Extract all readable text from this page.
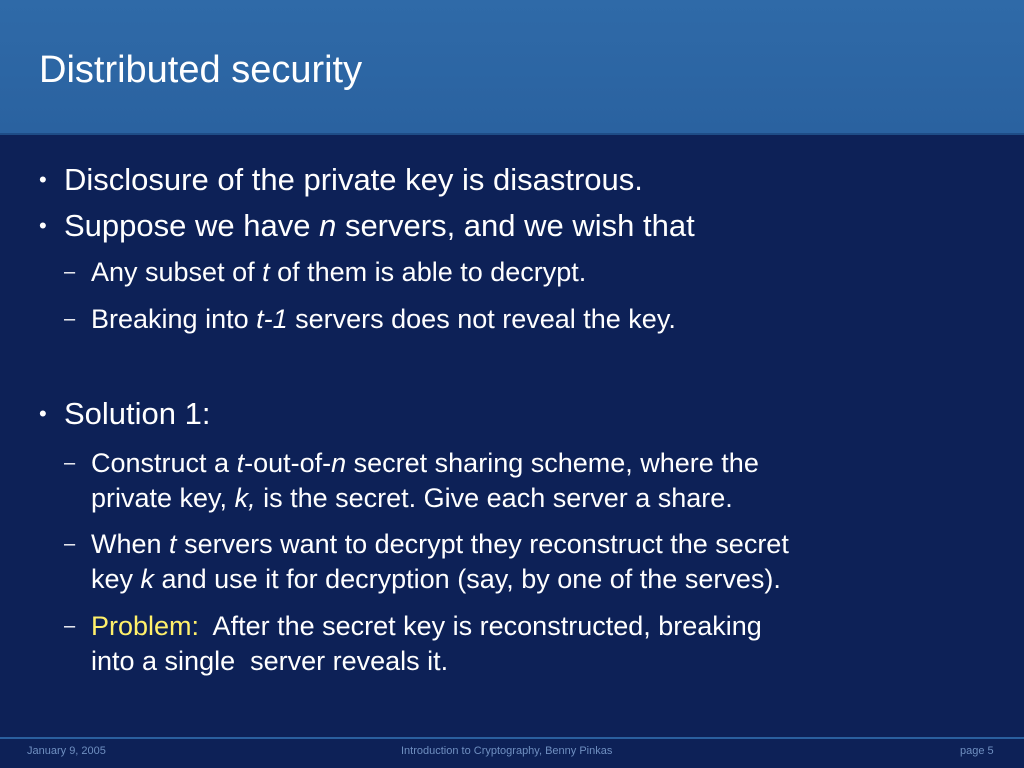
Distributed security
• Disclosure of the private key is disastrous.
• Suppose we have n servers, and we wish that
– Any subset of t of them is able to decrypt.
– Breaking into t-1 servers does not reveal the key.
• Solution 1:
– Construct a t-out-of-n secret sharing scheme, where the
private key, k, is the secret. Give each server a share.
– When t servers want to decrypt they reconstruct the secret
key k and use it for decryption (say, by one of the serves).
– Problem:  After the secret key is reconstructed, breaking
into a single  server reveals it.
January 9, 2005	Introduction to Cryptography, Benny Pinkas	page 5
